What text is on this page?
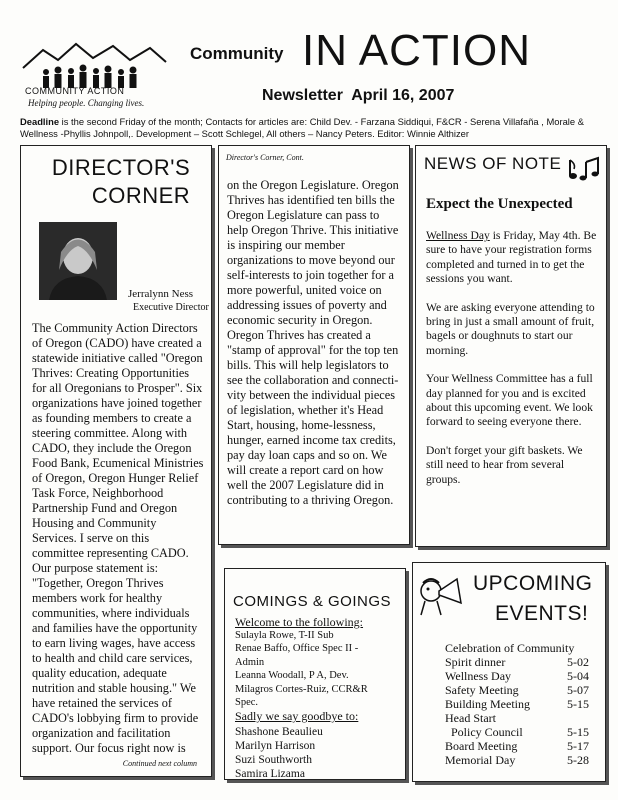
COMMUNITY ACTION
Helping people. Changing lives.
Community IN ACTION
Newsletter  April 16, 2007
Deadline is the second Friday of the month; Contacts for articles are: Child Dev. - Farzana Siddiqui, F&CR - Serena Villafaña , Morale & Wellness -Phyllis Johnpoll,. Development – Scott Schlegel, All others – Nancy Peters. Editor: Winnie Althizer
DIRECTOR'S
CORNER
Jerralynn Ness
Executive Director
The Community Action Directors of Oregon (CADO) have created a statewide initiative called "Oregon Thrives: Creating Opportunities for all Oregonians to Prosper". Six organizations have joined together as founding members to create a steering committee. Along with CADO, they include the Oregon Food Bank, Ecumenical Ministries of Oregon, Oregon Hunger Relief Task Force, Neighborhood Partnership Fund and Oregon Housing and Community Services. I serve on this committee representing CADO. Our purpose statement is: "Together, Oregon Thrives members work for healthy communities, where individuals and families have the opportunity to earn living wages, have access to health and child care services, quality education, adequate nutrition and stable housing." We have retained the services of CADO's lobbying firm to provide organization and facilitation support. Our focus right now is
Continued next column
Director's Corner, Cont.
on the Oregon Legislature. Oregon Thrives has identified ten bills the Oregon Legislature can pass to help Oregon Thrive. This initiative is inspiring our member organizations to move beyond our self-interests to join together for a more powerful, united voice on addressing issues of poverty and economic security in Oregon. Oregon Thrives has created a "stamp of approval" for the top ten bills. This will help legislators to see the collaboration and connecti-vity between the individual pieces of legislation, whether it's Head Start, housing, home-lessness, hunger, earned income tax credits, pay day loan caps and so on. We will create a report card on how well the 2007 Legislature did in contributing to a thriving Oregon.
COMINGS & GOINGS
Welcome to the following:
Sulayla Rowe, T-II Sub
Renae Baffo, Office Spec II -
Admin
Leanna Woodall, P A, Dev.
Milagros Cortes-Ruiz, CCR&R
Spec.
Sadly we say goodbye to:
Shashone Beaulieu
Marilyn Harrison
Suzi Southworth
Samira Lizama
NEWS OF NOTE
Expect the Unexpected

Wellness Day is Friday, May 4th. Be sure to have your registration forms completed and turned in to get the sessions you want.

We are asking everyone attending to bring in just a small amount of fruit, bagels or doughnuts to start our morning.

Your Wellness Committee has a full day planned for you and is excited about this upcoming event. We look forward to seeing everyone there.

Don't forget your gift baskets. We still need to hear from several groups.

UPCOMING
EVENTS!
Celebration of Community
Spirit dinner	5-02
Wellness Day	5-04
Safety Meeting	5-07
Building Meeting	5-15
Head Start
Policy Council	5-15
Board Meeting	5-17
Memorial Day	5-28
